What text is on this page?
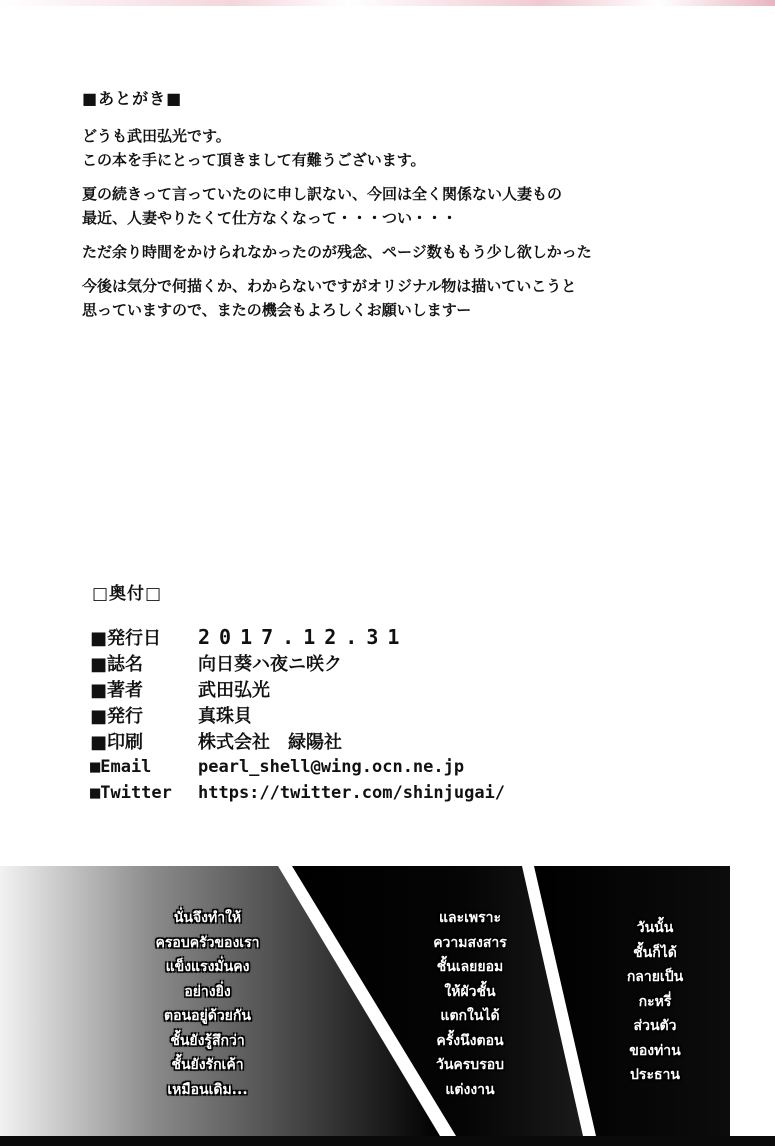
■あとがき■

どうも武田弘光です。
この本を手にとって頂きまして有難うございます。

夏の続きって言っていたのに申し訳ない、今回は全く関係ない人妻もの
最近、人妻やりたくて仕方なくなって・・・つい・・・

ただ余り時間をかけられなかったのが残念、ページ数ももう少し欲しかった

今後は気分で何描くか、わからないですがオリジナル物は描いていこうと
思っていますので、またの機会もよろしくお願いしますー

□奥付□
■発行日	2017.12.31
■誌名	向日葵ハ夜ニ咲ク
■著者	武田弘光
■発行	真珠貝
■印刷	株式会社　緑陽社
■Email	pearl_shell@wing.ocn.ne.jp
■Twitter	https://twitter.com/shinjugai/
นั่นจึงทำให้
ครอบครัวของเรา
แข็งแรงมั่นคง
อย่างยิ่ง
ตอนอยู่ด้วยกัน
ชั้นยังรู้สึกว่า
ชั้นยังรักเค้า
เหมือนเดิม...
และเพราะ
ความสงสาร
ชั้นเลยยอม
ให้ผัวชั้น
แตกในได้
ครั้งนึงตอน
วันครบรอบ
แต่งงาน
วันนั้น
ชั้นก็ได้
กลายเป็น
กะหรี่
ส่วนตัว
ของท่าน
ประธาน
